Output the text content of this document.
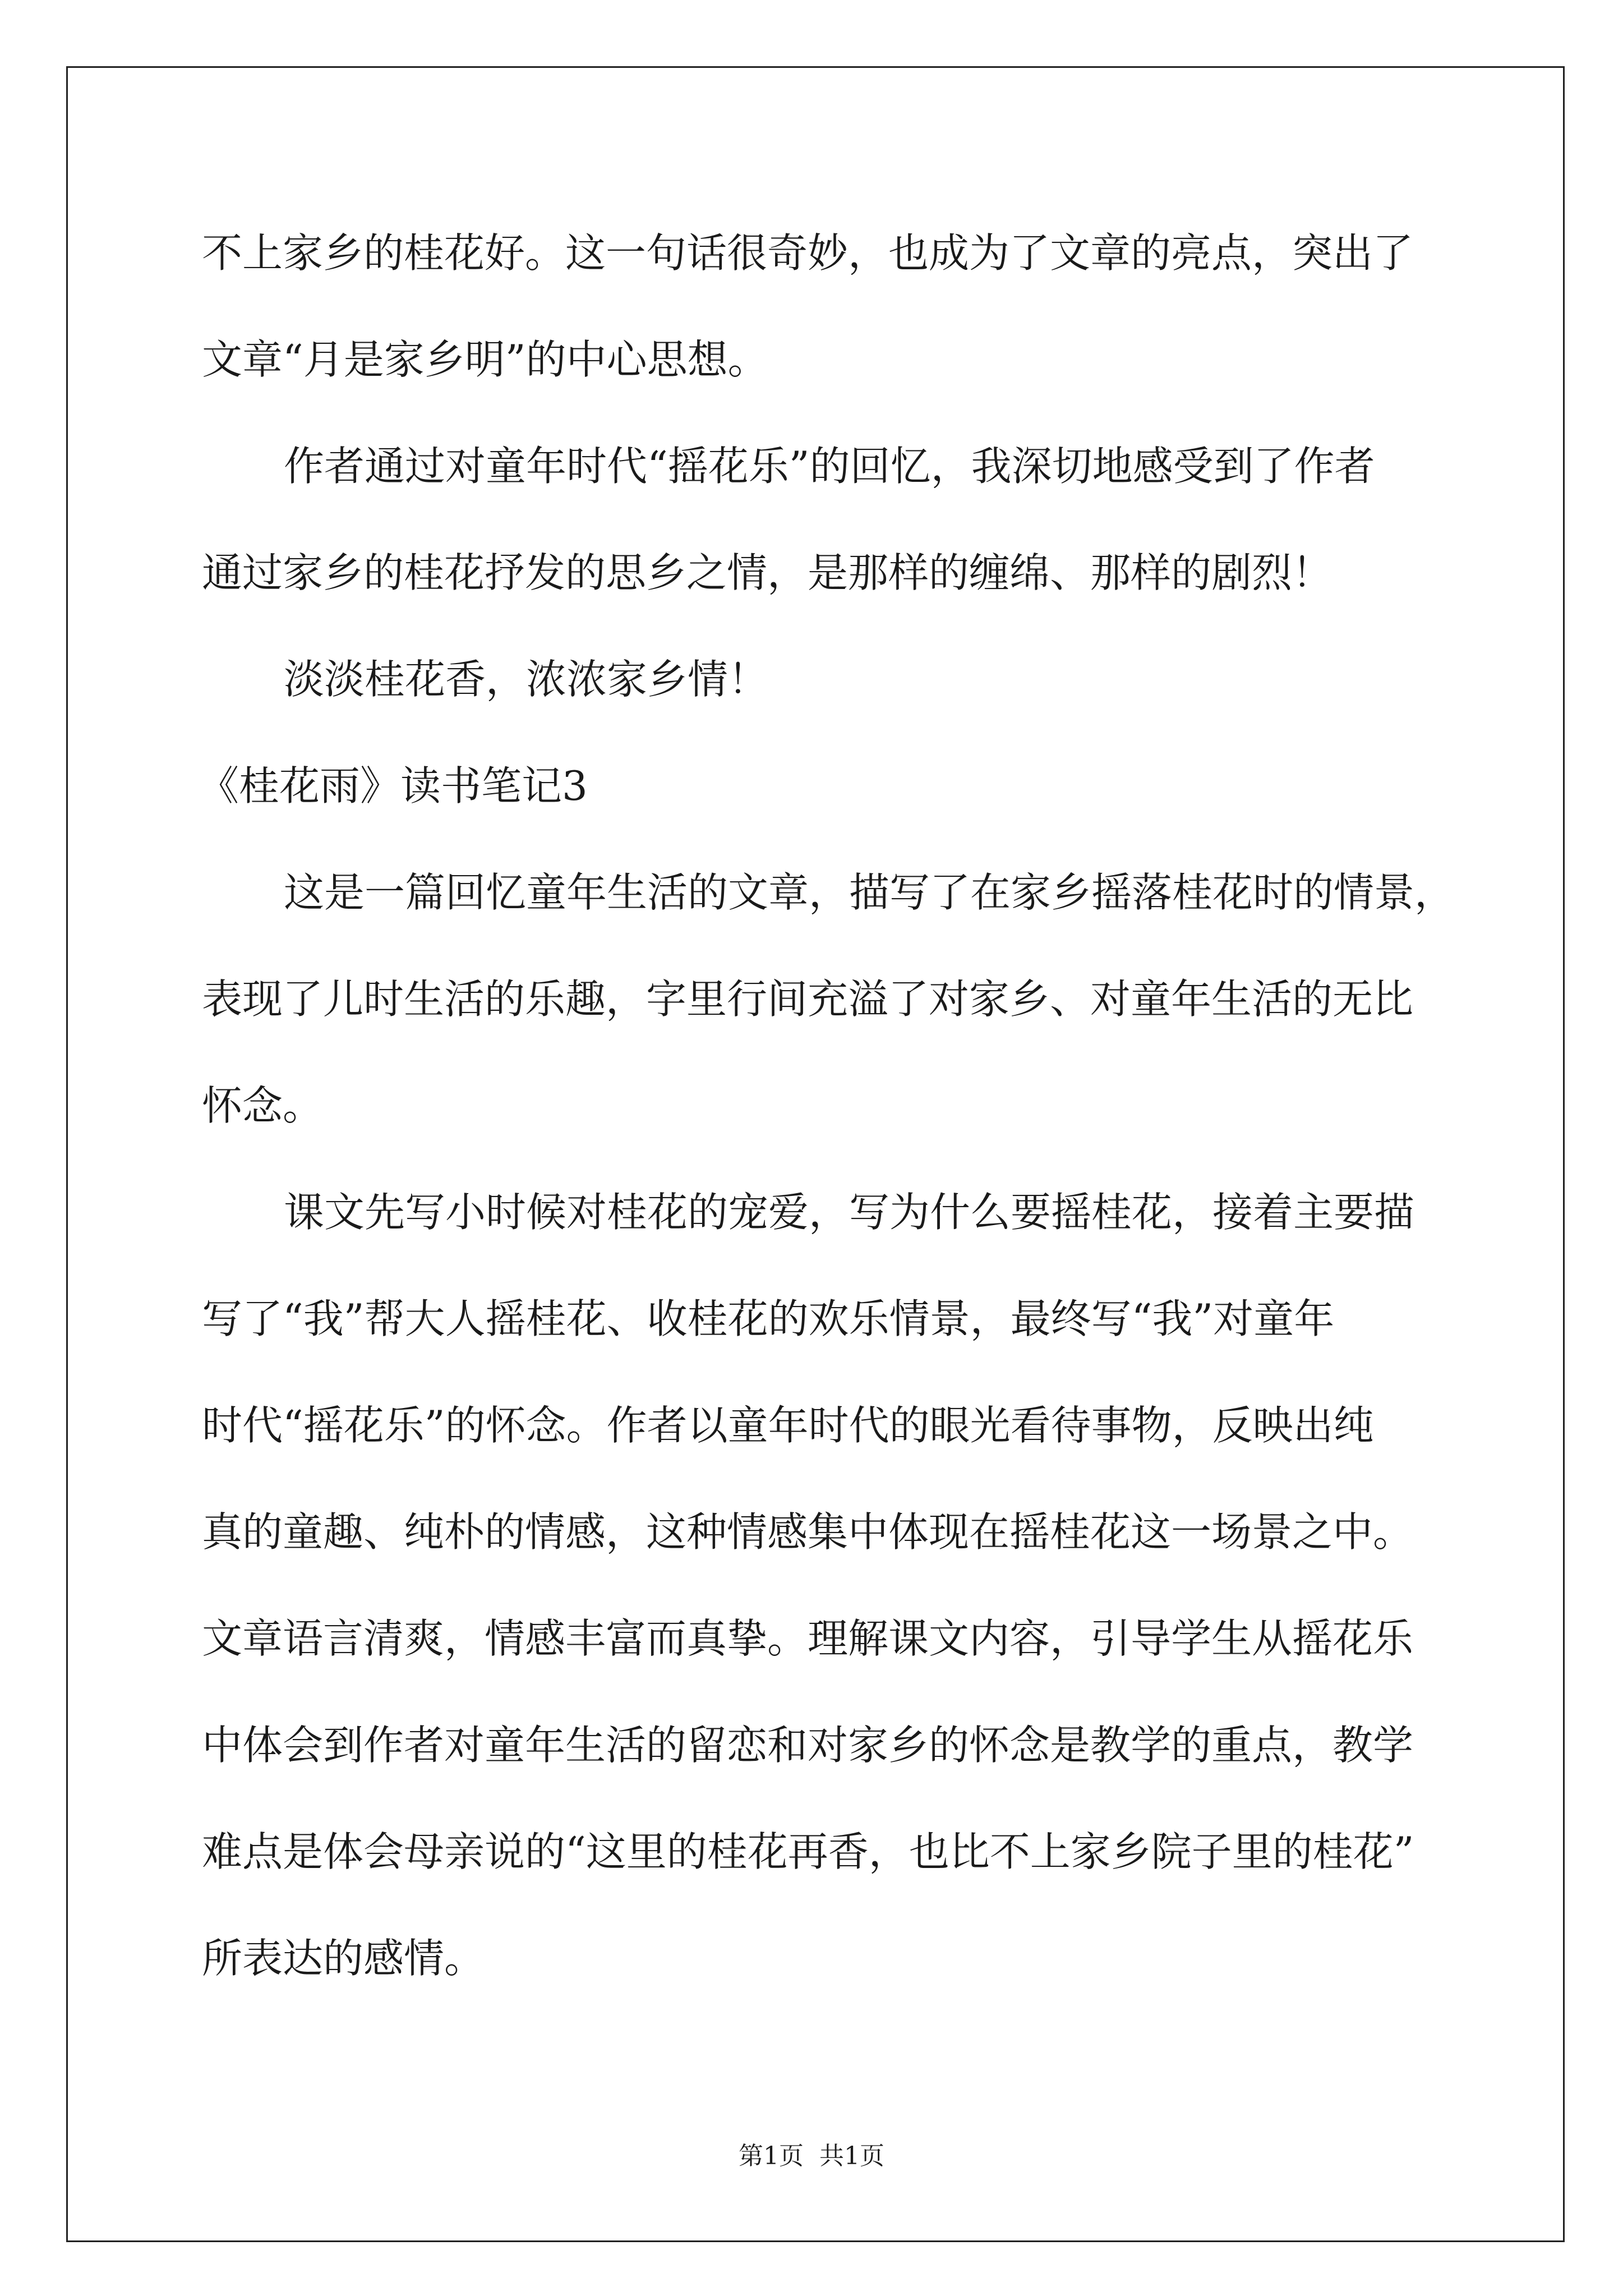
不上家乡的桂花好。这一句话很奇妙，也成为了文章的亮点，突出了
文章“月是家乡明”的中心思想。
作者通过对童年时代“摇花乐”的回忆，我深切地感受到了作者
通过家乡的桂花抒发的思乡之情，是那样的缠绵、那样的剧烈！
淡淡桂花香，浓浓家乡情！
《桂花雨》读书笔记3
这是一篇回忆童年生活的文章，描写了在家乡摇落桂花时的情景，
表现了儿时生活的乐趣，字里行间充溢了对家乡、对童年生活的无比
怀念。
课文先写小时候对桂花的宠爱，写为什么要摇桂花，接着主要描
写了“我”帮大人摇桂花、收桂花的欢乐情景，最终写“我”对童年
时代“摇花乐”的怀念。作者以童年时代的眼光看待事物，反映出纯
真的童趣、纯朴的情感，这种情感集中体现在摇桂花这一场景之中。
文章语言清爽，情感丰富而真挚。理解课文内容，引导学生从摇花乐
中体会到作者对童年生活的留恋和对家乡的怀念是教学的重点，教学
难点是体会母亲说的“这里的桂花再香，也比不上家乡院子里的桂花”
所表达的感情。
第1页  共1页
